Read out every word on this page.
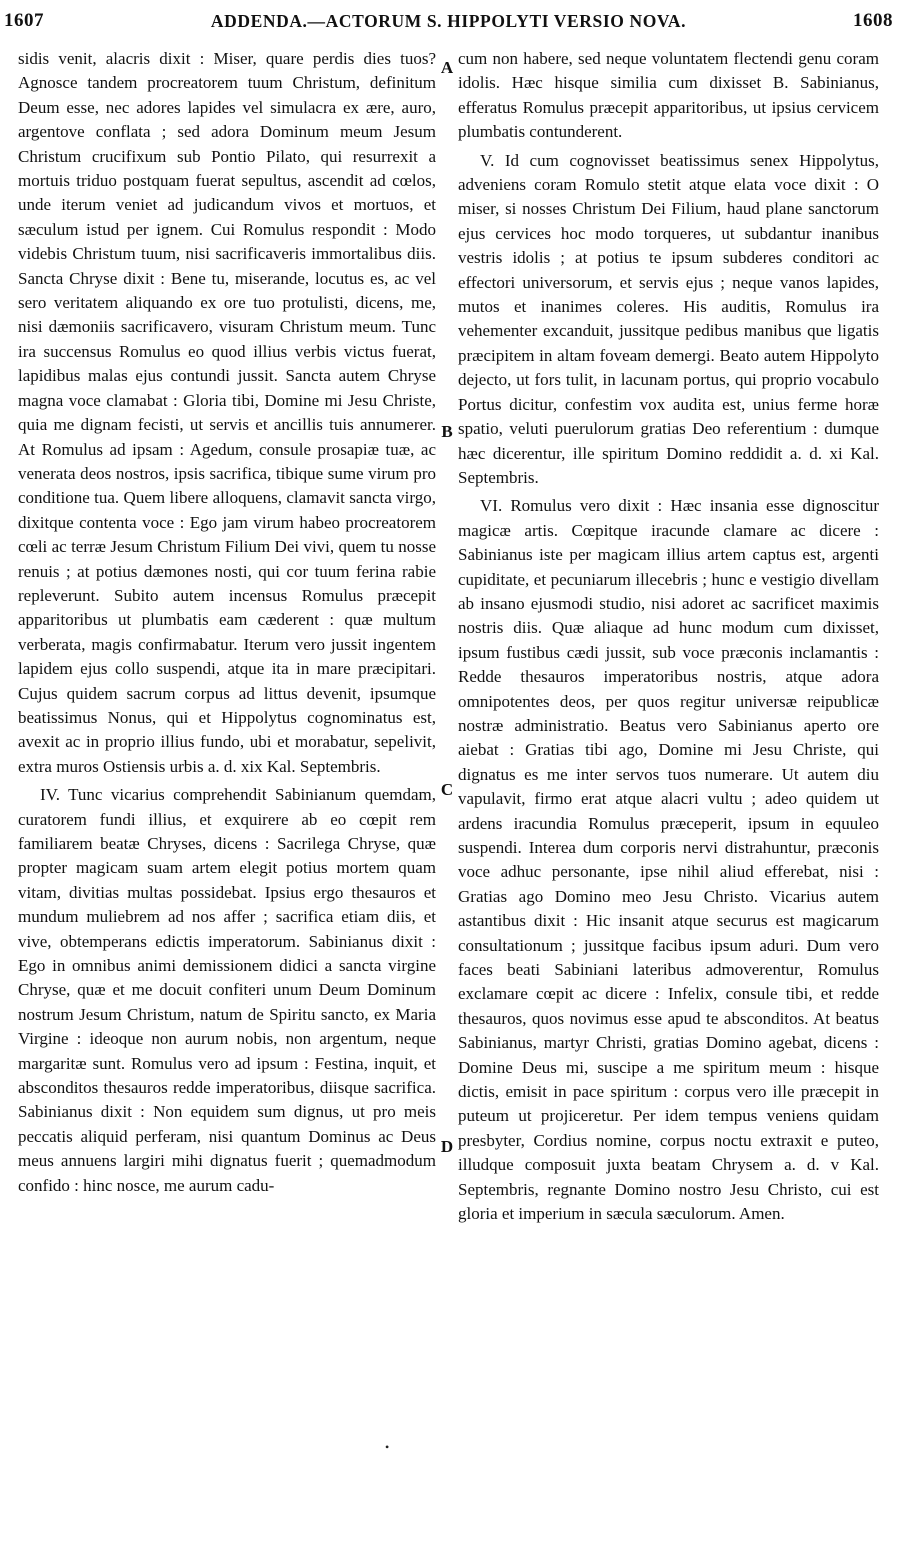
1607	ADDENDA.—ACTORUM S. HIPPOLYTI VERSIO NOVA.	1608

sidis venit, alacris dixit : Miser, quare perdis dies tuos? Agnosce tandem procreatorem tuum Christum, definitum Deum esse, nec adores lapides vel simulacra ex ære, auro, argentove conflata ; sed adora Dominum meum Jesum Christum crucifixum sub Pontio Pilato, qui resurrexit a mortuis triduo postquam fuerat sepultus, ascendit ad cœlos, unde iterum veniet ad judicandum vivos et mortuos, et sæculum istud per ignem. Cui Romulus respondit : Modo videbis Christum tuum, nisi sacrificaveris immortalibus diis. Sancta Chryse dixit : Bene tu, miserande, locutus es, ac vel sero veritatem aliquando ex ore tuo protulisti, dicens, me, nisi dæmoniis sacrificavero, visuram Christum meum. Tunc ira succensus Romulus eo quod illius verbis victus fuerat, lapidibus malas ejus contundi jussit. Sancta autem Chryse magna voce clamabat : Gloria tibi, Domine mi Jesu Christe, quia me dignam fecisti, ut servis et ancillis tuis annumerer. At Romulus ad ipsam : Agedum, consule prosapiæ tuæ, ac venerata deos nostros, ipsis sacrifica, tibique sume virum pro conditione tua. Quem libere alloquens, clamavit sancta virgo, dixitque contenta voce : Ego jam virum habeo procreatorem cœli ac terræ Jesum Christum Filium Dei vivi, quem tu nosse renuis ; at potius dæmones nosti, qui cor tuum ferina rabie repleverunt. Subito autem incensus Romulus præcepit apparitoribus ut plumbatis eam cæderent : quæ multum verberata, magis confirmabatur. Iterum vero jussit ingentem lapidem ejus collo suspendi, atque ita in mare præcipitari. Cujus quidem sacrum corpus ad littus devenit, ipsumque beatissimus Nonus, qui et Hippolytus cognominatus est, avexit ac in proprio illius fundo, ubi et morabatur, sepelivit, extra muros Ostiensis urbis a. d. xix Kal. Septembris.

IV. Tunc vicarius comprehendit Sabinianum quemdam, curatorem fundi illius, et exquirere ab eo cœpit rem familiarem beatæ Chryses, dicens : Sacrilega Chryse, quæ propter magicam suam artem elegit potius mortem quam vitam, divitias multas possidebat. Ipsius ergo thesauros et mundum muliebrem ad nos affer ; sacrifica etiam diis, et vive, obtemperans edictis imperatorum. Sabinianus dixit : Ego in omnibus animi demissionem didici a sancta virgine Chryse, quæ et me docuit confiteri unum Deum Dominum nostrum Jesum Christum, natum de Spiritu sancto, ex Maria Virgine : ideoque non aurum nobis, non argentum, neque margaritæ sunt. Romulus vero ad ipsum : Festina, inquit, et absconditos thesauros redde imperatoribus, diisque sacrifica. Sabinianus dixit : Non equidem sum dignus, ut pro meis peccatis aliquid perferam, nisi quantum Dominus ac Deus meus annuens largiri mihi dignatus fuerit ; quemadmodum confido : hinc nosce, me aurum cadu-

A
B
C
D

cum non habere, sed neque voluntatem flectendi genu coram idolis. Hæc hisque similia cum dixisset B. Sabinianus, efferatus Romulus præcepit apparitoribus, ut ipsius cervicem plumbatis contunderent.

V. Id cum cognovisset beatissimus senex Hippolytus, adveniens coram Romulo stetit atque elata voce dixit : O miser, si nosses Christum Dei Filium, haud plane sanctorum ejus cervices hoc modo torqueres, ut subdantur inanibus vestris idolis ; at potius te ipsum subderes conditori ac effectori universorum, et servis ejus ; neque vanos lapides, mutos et inanimes coleres. His auditis, Romulus ira vehementer excanduit, jussitque pedibus manibus que ligatis præcipitem in altam foveam demergi. Beato autem Hippolyto dejecto, ut fors tulit, in lacunam portus, qui proprio vocabulo Portus dicitur, confestim vox audita est, unius ferme horæ spatio, veluti puerulorum gratias Deo referentium : dumque hæc dicerentur, ille spiritum Domino reddidit a. d. xi Kal. Septembris.

VI. Romulus vero dixit : Hæc insania esse dignoscitur magicæ artis. Cœpitque iracunde clamare ac dicere : Sabinianus iste per magicam illius artem captus est, argenti cupiditate, et pecuniarum illecebris ; hunc e vestigio divellam ab insano ejusmodi studio, nisi adoret ac sacrificet maximis nostris diis. Quæ aliaque ad hunc modum cum dixisset, ipsum fustibus cædi jussit, sub voce præconis inclamantis : Redde thesauros imperatoribus nostris, atque adora omnipotentes deos, per quos regitur universæ reipublicæ nostræ administratio. Beatus vero Sabinianus aperto ore aiebat : Gratias tibi ago, Domine mi Jesu Christe, qui dignatus es me inter servos tuos numerare. Ut autem diu vapulavit, firmo erat atque alacri vultu ; adeo quidem ut ardens iracundia Romulus præceperit, ipsum in equuleo suspendi. Interea dum corporis nervi distrahuntur, præconis voce adhuc personante, ipse nihil aliud efferebat, nisi : Gratias ago Domino meo Jesu Christo. Vicarius autem astantibus dixit : Hic insanit atque securus est magicarum consultationum ; jussitque facibus ipsum aduri. Dum vero faces beati Sabiniani lateribus admoverentur, Romulus exclamare cœpit ac dicere : Infelix, consule tibi, et redde thesauros, quos novimus esse apud te absconditos. At beatus Sabinianus, martyr Christi, gratias Domino agebat, dicens : Domine Deus mi, suscipe a me spiritum meum : hisque dictis, emisit in pace spiritum : corpus vero ille præcepit in puteum ut projiceretur. Per idem tempus veniens quidam presbyter, Cordius nomine, corpus noctu extraxit e puteo, illudque composuit juxta beatam Chrysem a. d. v Kal. Septembris, regnante Domino nostro Jesu Christo, cui est gloria et imperium in sæcula sæculorum. Amen.

•
